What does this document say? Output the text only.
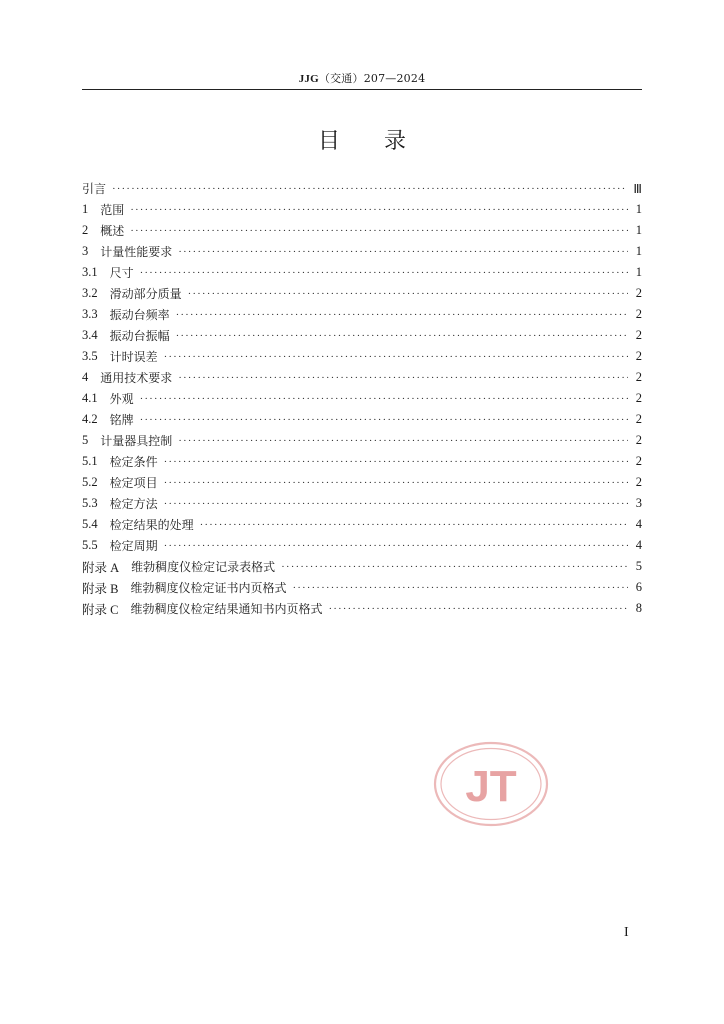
JJG（交通）207—2024
目录
引言 ·····	Ⅲ
1 范围 ·····	1
2 概述 ·····	1
3 计量性能要求 ·····	1
3.1 尺寸 ·····	1
3.2 滑动部分质量 ·····	2
3.3 振动台频率 ·····	2
3.4 振动台振幅 ·····	2
3.5 计时误差 ·····	2
4 通用技术要求 ·····	2
4.1 外观 ·····	2
4.2 铭牌 ·····	2
5 计量器具控制 ·····	2
5.1 检定条件 ·····	2
5.2 检定项目 ·····	2
5.3 检定方法 ·····	3
5.4 检定结果的处理 ·····	4
5.5 检定周期 ·····	4
附录 A 维勃稠度仪检定记录表格式 ·····	5
附录 B 维勃稠度仪检定证书内页格式 ·····	6
附录 C 维勃稠度仪检定结果通知书内页格式 ·····	8
JT
I
